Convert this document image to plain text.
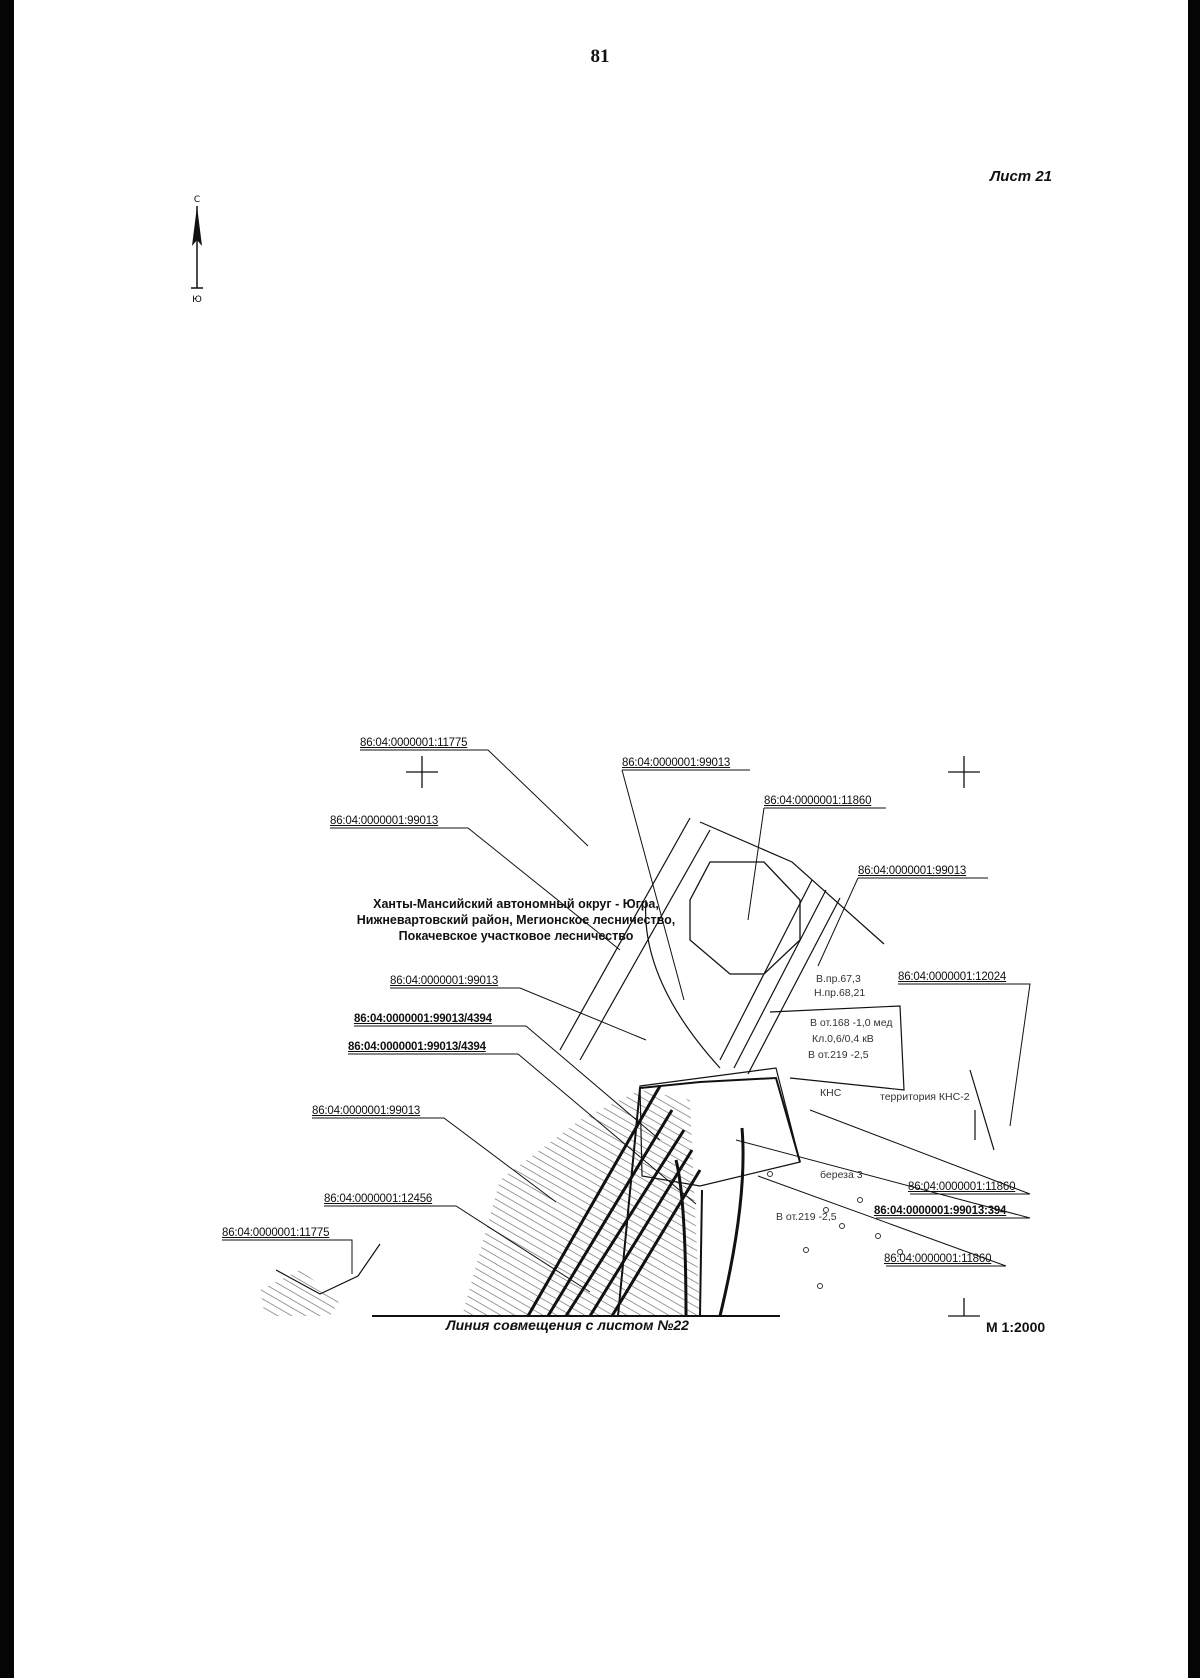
81
Лист 21
86:04:0000001:11775
86:04:0000001:99013
86:04:0000001:11860
86:04:0000001:99013
86:04:0000001:99013
86:04:0000001:12024
86:04:0000001:99013
86:04:0000001:99013/4394
86:04:0000001:99013/4394
86:04:0000001:99013
86:04:0000001:11860
86:04:0000001:12456
86:04:0000001:99013:394
86:04:0000001:11775
86:04:0000001:11860
Ханты-Мансийский автономный округ - Югра,
Нижневартовский район, Мегионское лесничество,
Покачевское участковое лесничество
В.пр.67,3
Н.пр.68,21
В от.168 -1,0 мед
Кл.0,6/0,4 кВ
В от.219 -2,5
КНС	территория КНС-2
береза 3
В от.219 -2,5
Линия совмещения с листом №22	М 1:2000
С
Ю
